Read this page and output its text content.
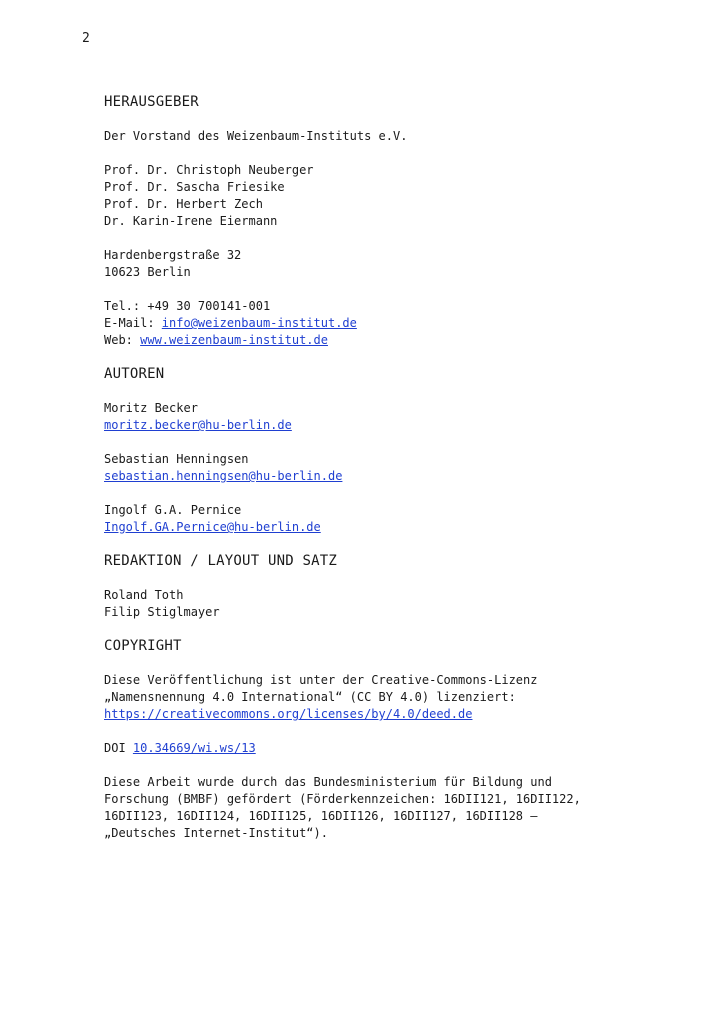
2
HERAUSGEBER
Der Vorstand des Weizenbaum-Instituts e.V.
Prof. Dr. Christoph Neuberger
Prof. Dr. Sascha Friesike
Prof. Dr. Herbert Zech
Dr. Karin-Irene Eiermann
Hardenbergstraße 32
10623 Berlin
Tel.: +49 30 700141-001
E-Mail: info@weizenbaum-institut.de
Web: www.weizenbaum-institut.de
AUTOREN
Moritz Becker
moritz.becker@hu-berlin.de
Sebastian Henningsen
sebastian.henningsen@hu-berlin.de
Ingolf G.A. Pernice
Ingolf.GA.Pernice@hu-berlin.de
REDAKTION / LAYOUT UND SATZ
Roland Toth
Filip Stiglmayer
COPYRIGHT
Diese Veröffentlichung ist unter der Creative-Commons-Lizenz
„Namensnennung 4.0 International“ (CC BY 4.0) lizenziert:
https://creativecommons.org/licenses/by/4.0/deed.de
DOI 10.34669/wi.ws/13
Diese Arbeit wurde durch das Bundesministerium für Bildung und
Forschung (BMBF) gefördert (Förderkennzeichen: 16DII121, 16DII122,
16DII123, 16DII124, 16DII125, 16DII126, 16DII127, 16DII128 –
„Deutsches Internet-Institut“).
